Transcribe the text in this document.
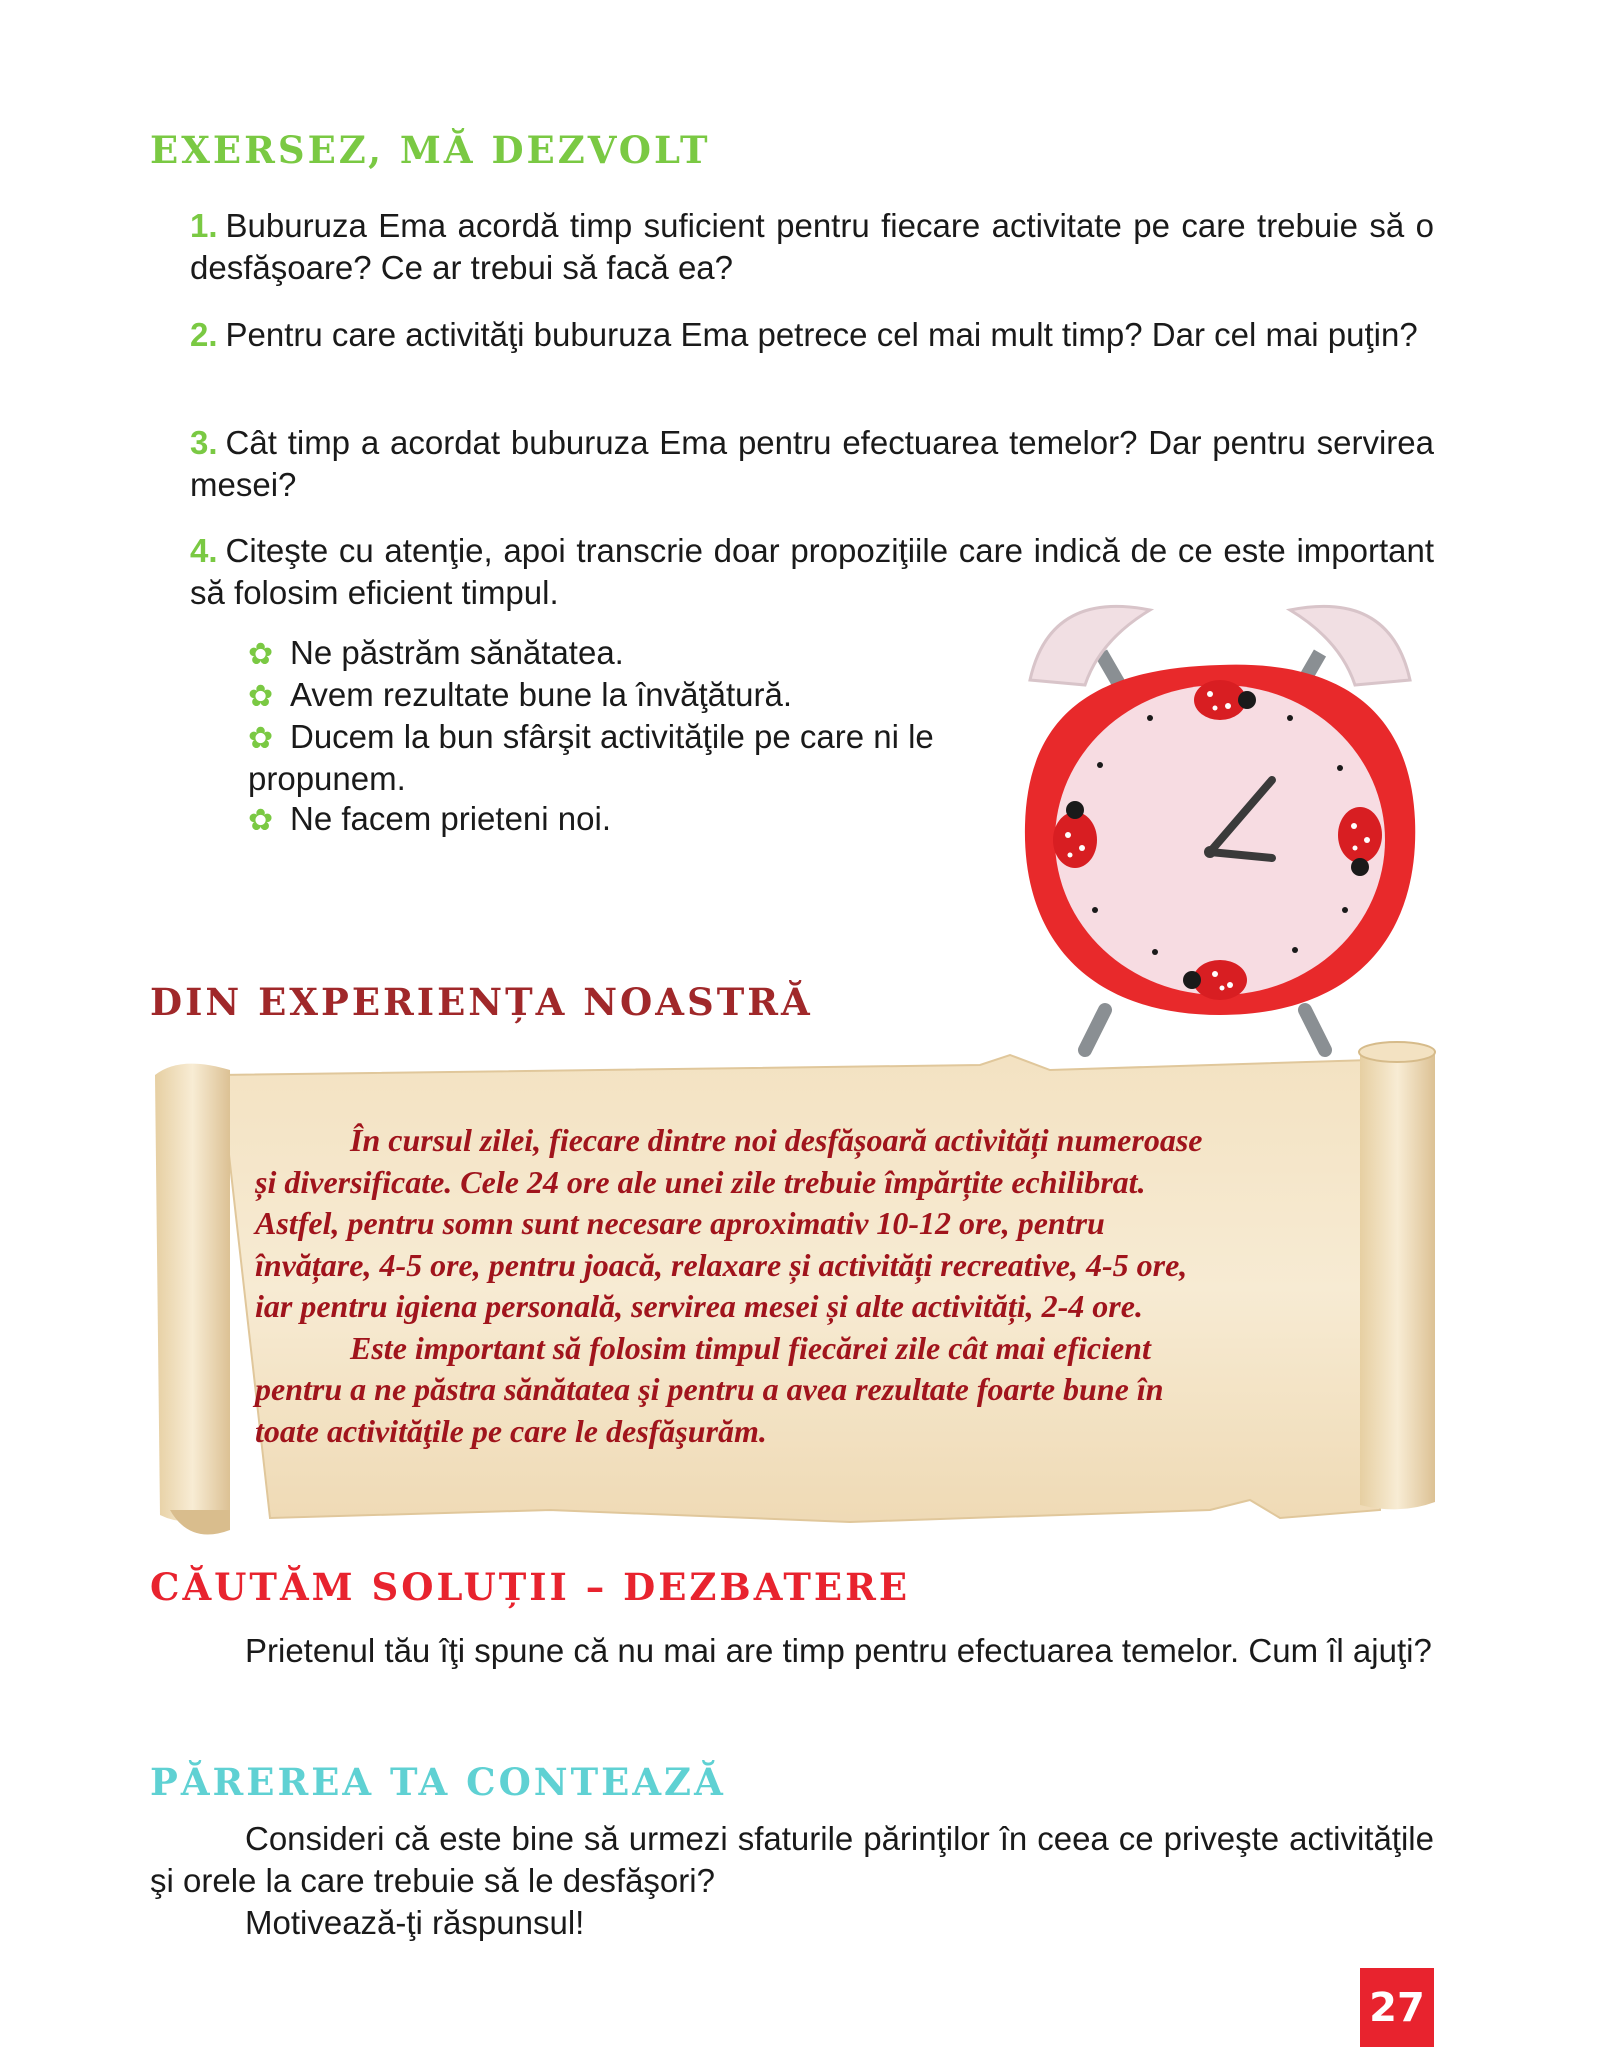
EXERSEZ, MĂ DEZVOLT

1. Buburuza Ema acordă timp suficient pentru fiecare activitate pe care trebuie să o desfăşoare? Ce ar trebui să facă ea?

2. Pentru care activităţi buburuza Ema petrece cel mai mult timp? Dar cel mai puţin?

3. Cât timp a acordat buburuza Ema pentru efectuarea temelor? Dar pentru servirea mesei?

4. Citeşte cu atenţie, apoi transcrie doar propoziţiile care indică de ce este important să folosim eficient timpul.

✿ Ne păstrăm sănătatea.
✿ Avem rezultate bune la învăţătură.
✿ Ducem la bun sfârşit activităţile pe care ni le propunem.
✿ Ne facem prieteni noi.
DIN EXPERIENȚA NOASTRĂ
În cursul zilei, fiecare dintre noi desfășoară activități numeroase
și diversificate. Cele 24 ore ale unei zile trebuie împărțite echilibrat.
Astfel, pentru somn sunt necesare aproximativ 10-12 ore, pentru
învățare, 4-5 ore, pentru joacă, relaxare și activități recreative, 4-5 ore,
iar pentru igiena personală, servirea mesei și alte activități, 2-4 ore.
Este important să folosim timpul fiecărei zile cât mai eficient
pentru a ne păstra sănătatea şi pentru a avea rezultate foarte bune în
toate activităţile pe care le desfăşurăm.
CĂUTĂM SOLUȚII – DEZBATERE

Prietenul tău îţi spune că nu mai are timp pentru efectuarea temelor. Cum îl ajuţi?

PĂREREA TA CONTEAZĂ

Consideri că este bine să urmezi sfaturile părinţilor în ceea ce priveşte activităţile şi orele la care trebuie să le desfăşori?

Motivează-ţi răspunsul!

27
